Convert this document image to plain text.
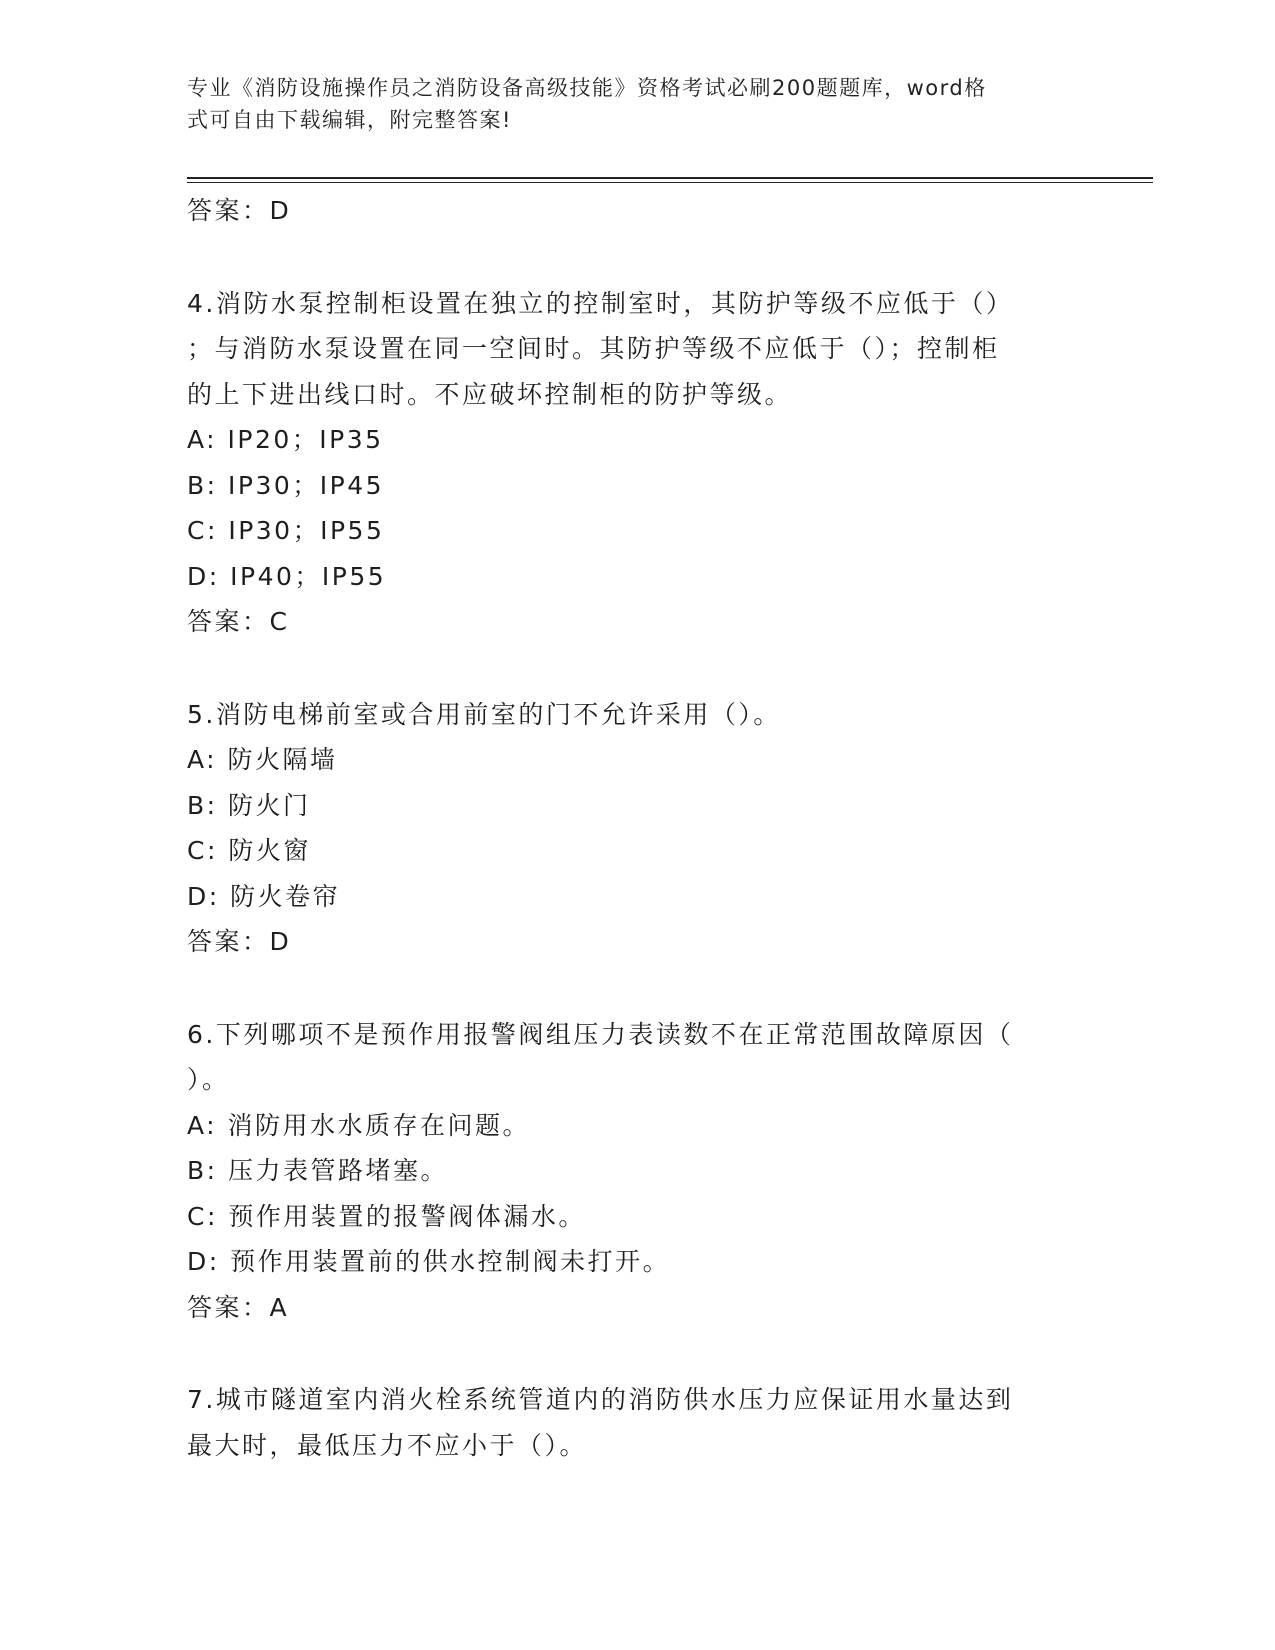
专业《消防设施操作员之消防设备高级技能》资格考试必刷200题题库，word格
式可自由下载编辑，附完整答案!
答案：D
4.消防水泵控制柜设置在独立的控制室时，其防护等级不应低于（）
；与消防水泵设置在同一空间时。其防护等级不应低于（）；控制柜
的上下进出线口时。不应破坏控制柜的防护等级。
A: IP20；IP35
B: IP30；IP45
C: IP30；IP55
D: IP40；IP55
答案：C
5.消防电梯前室或合用前室的门不允许采用（）。
A: 防火隔墙
B: 防火门
C: 防火窗
D: 防火卷帘
答案：D
6.下列哪项不是预作用报警阀组压力表读数不在正常范围故障原因（
）。
A: 消防用水水质存在问题。
B: 压力表管路堵塞。
C: 预作用装置的报警阀体漏水。
D: 预作用装置前的供水控制阀未打开。
答案：A
7.城市隧道室内消火栓系统管道内的消防供水压力应保证用水量达到
最大时，最低压力不应小于（）。
